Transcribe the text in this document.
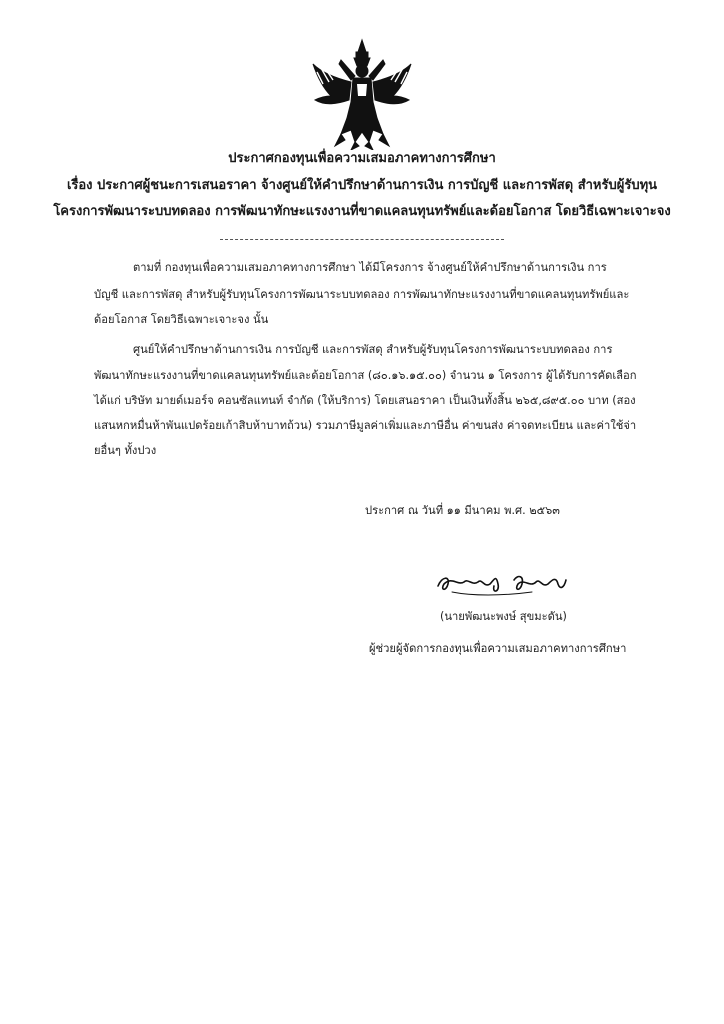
ประกาศกองทุนเพื่อความเสมอภาคทางการศึกษา
เรื่อง ประกาศผู้ชนะการเสนอราคา จ้างศูนย์ให้คำปรึกษาด้านการเงิน การบัญชี และการพัสดุ สำหรับผู้รับทุน
โครงการพัฒนาระบบทดลอง การพัฒนาทักษะแรงงานที่ขาดแคลนทุนทรัพย์และด้อยโอกาส โดยวิธีเฉพาะเจาะจง
ตามที่ กองทุนเพื่อความเสมอภาคทางการศึกษา ได้มีโครงการ จ้างศูนย์ให้คำปรึกษาด้านการเงิน การ
บัญชี และการพัสดุ สำหรับผู้รับทุนโครงการพัฒนาระบบทดลอง การพัฒนาทักษะแรงงานที่ขาดแคลนทุนทรัพย์และ
ด้อยโอกาส โดยวิธีเฉพาะเจาะจง นั้น
ศูนย์ให้คำปรึกษาด้านการเงิน การบัญชี และการพัสดุ สำหรับผู้รับทุนโครงการพัฒนาระบบทดลอง การ
พัฒนาทักษะแรงงานที่ขาดแคลนทุนทรัพย์และด้อยโอกาส (๘๐.๑๖.๑๕.๐๐) จำนวน ๑ โครงการ ผู้ได้รับการคัดเลือก
ได้แก่ บริษัท มายด์เมอร์จ คอนซัลแทนท์ จำกัด (ให้บริการ) โดยเสนอราคา เป็นเงินทั้งสิ้น ๒๖๕,๘๙๕.๐๐ บาท (สอง
แสนหกหมื่นห้าพันแปดร้อยเก้าสิบห้าบาทถ้วน) รวมภาษีมูลค่าเพิ่มและภาษีอื่น ค่าขนส่ง ค่าจดทะเบียน และค่าใช้จ่า
ยอื่นๆ ทั้งปวง
ประกาศ ณ วันที่ ๑๑ มีนาคม พ.ศ. ๒๕๖๓
(นายพัฒนะพงษ์ สุขมะดัน)
ผู้ช่วยผู้จัดการกองทุนเพื่อความเสมอภาคทางการศึกษา
